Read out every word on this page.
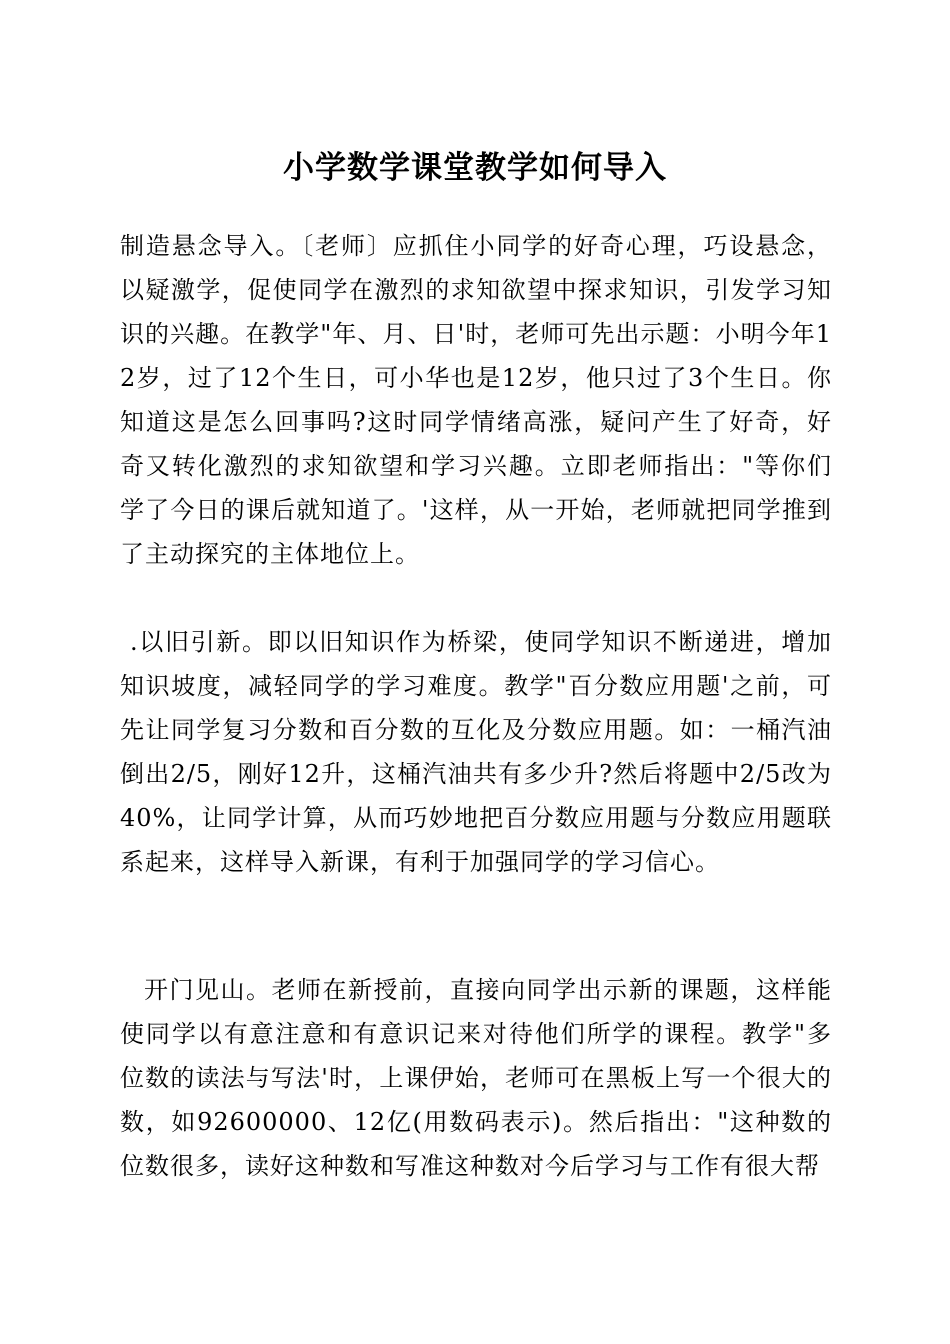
小学数学课堂教学如何导入

制造悬念导入。〔老师〕应抓住小同学的好奇心理，巧设悬念，以疑激学，促使同学在激烈的求知欲望中探求知识，引发学习知识的兴趣。在教学"年、月、日'时，老师可先出示题：小明今年12岁，过了12个生日，可小华也是12岁，他只过了3个生日。你知道这是怎么回事吗?这时同学情绪高涨，疑问产生了好奇，好奇又转化激烈的求知欲望和学习兴趣。立即老师指出："等你们学了今日的课后就知道了。'这样，从一开始，老师就把同学推到了主动探究的主体地位上。

.以旧引新。即以旧知识作为桥梁，使同学知识不断递进，增加知识坡度，减轻同学的学习难度。教学"百分数应用题'之前，可先让同学复习分数和百分数的互化及分数应用题。如：一桶汽油倒出2/5，刚好12升，这桶汽油共有多少升?然后将题中2/5改为40%，让同学计算，从而巧妙地把百分数应用题与分数应用题联系起来，这样导入新课，有利于加强同学的学习信心。

开门见山。老师在新授前，直接向同学出示新的课题，这样能使同学以有意注意和有意识记来对待他们所学的课程。教学"多位数的读法与写法'时，上课伊始，老师可在黑板上写一个很大的数，如92600000、12亿(用数码表示)。然后指出："这种数的位数很多，读好这种数和写准这种数对今后学习与工作有很大帮
